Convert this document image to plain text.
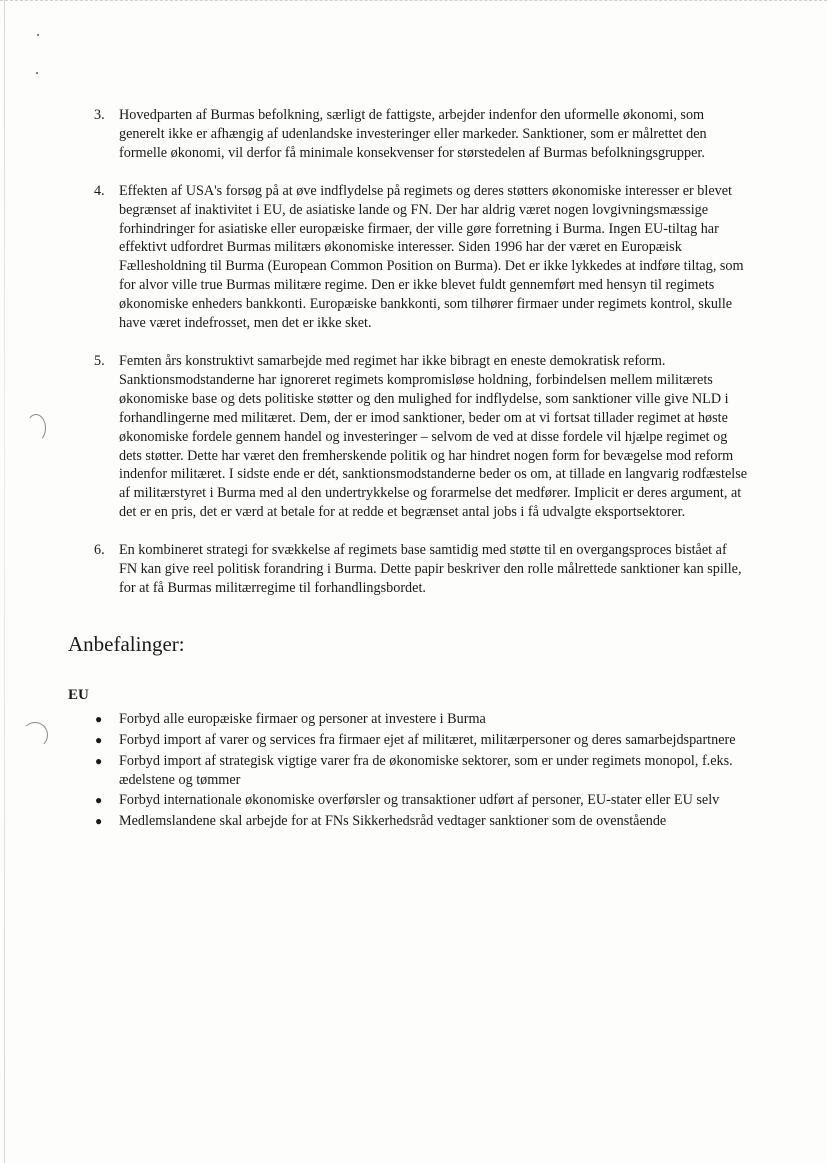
3. Hovedparten af Burmas befolkning, særligt de fattigste, arbejder indenfor den uformelle økonomi, som generelt ikke er afhængig af udenlandske investeringer eller markeder. Sanktioner, som er målrettet den formelle økonomi, vil derfor få minimale konsekvenser for størstedelen af Burmas befolkningsgrupper.
4. Effekten af USA's forsøg på at øve indflydelse på regimets og deres støtters økonomiske interesser er blevet begrænset af inaktivitet i EU, de asiatiske lande og FN. Der har aldrig været nogen lovgivningsmæssige forhindringer for asiatiske eller europæiske firmaer, der ville gøre forretning i Burma. Ingen EU-tiltag har effektivt udfordret Burmas militærs økonomiske interesser. Siden 1996 har der været en Europæisk Fællesholdning til Burma (European Common Position on Burma). Det er ikke lykkedes at indføre tiltag, som for alvor ville true Burmas militære regime. Den er ikke blevet fuldt gennemført med hensyn til regimets økonomiske enheders bankkonti. Europæiske bankkonti, som tilhører firmaer under regimets kontrol, skulle have været indefrosset, men det er ikke sket.
5. Femten års konstruktivt samarbejde med regimet har ikke bibragt en eneste demokratisk reform. Sanktionsmodstanderne har ignoreret regimets kompromisløse holdning, forbindelsen mellem militærets økonomiske base og dets politiske støtter og den mulighed for indflydelse, som sanktioner ville give NLD i forhandlingerne med militæret. Dem, der er imod sanktioner, beder om at vi fortsat tillader regimet at høste økonomiske fordele gennem handel og investeringer – selvom de ved at disse fordele vil hjælpe regimet og dets støtter. Dette har været den fremherskende politik og har hindret nogen form for bevægelse mod reform indenfor militæret. I sidste ende er dét, sanktionsmodstanderne beder os om, at tillade en langvarig rodfæstelse af militærstyret i Burma med al den undertrykkelse og forarmelse det medfører. Implicit er deres argument, at det er en pris, det er værd at betale for at redde et begrænset antal jobs i få udvalgte eksportsektorer.
6. En kombineret strategi for svækkelse af regimets base samtidig med støtte til en overgangsproces bistået af FN kan give reel politisk forandring i Burma. Dette papir beskriver den rolle målrettede sanktioner kan spille, for at få Burmas militærregime til forhandlingsbordet.
Anbefalinger:
EU
● Forbyd alle europæiske firmaer og personer at investere i Burma
● Forbyd import af varer og services fra firmaer ejet af militæret, militærpersoner og deres samarbejdspartnere
● Forbyd import af strategisk vigtige varer fra de økonomiske sektorer, som er under regimets monopol, f.eks. ædelstene og tømmer
● Forbyd internationale økonomiske overførsler og transaktioner udført af personer, EU-stater eller EU selv
● Medlemslandene skal arbejde for at FNs Sikkerhedsråd vedtager sanktioner som de ovenstående
